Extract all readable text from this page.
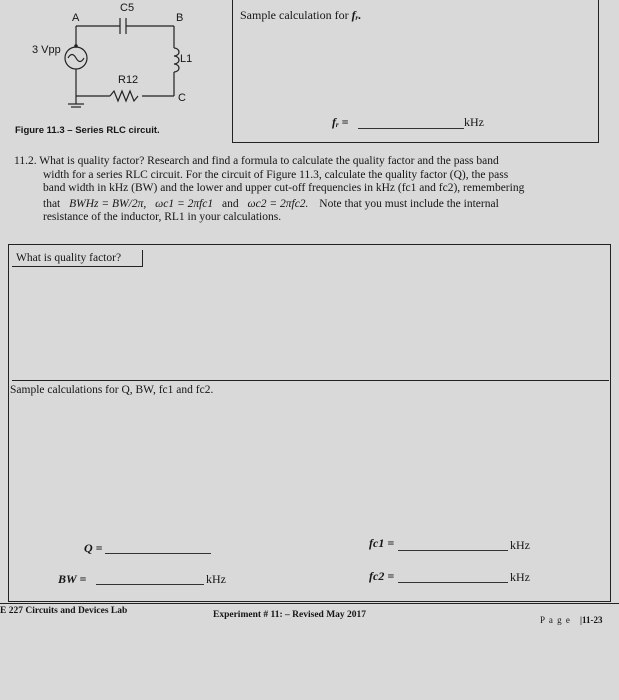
A
C5
B
3 Vpp
L1
R12
C
Figure 11.3 – Series RLC circuit.
Sample calculation for fᵣ.
fᵣ =	kHz
11.2. What is quality factor? Research and find a formula to calculate the quality factor and the pass band
width for a series RLC circuit. For the circuit of Figure 11.3, calculate the quality factor (Q), the pass
band width in kHz (BW) and the lower and upper cut-off frequencies in kHz (fc1 and fc2), remembering
that BWHz = BW/2π, ωc1 = 2πfc1 and ωc2 = 2πfc2. Note that you must include the internal
resistance of the inductor, RL1 in your calculations.
What is quality factor?
Sample calculations for Q, BW, fc1 and fc2.
Q =
BW =	kHz
fc1 =	kHz
fc2 =	kHz
E 227 Circuits and Devices Lab	Experiment # 11: – Revised May 2017	P a g e |11-23
